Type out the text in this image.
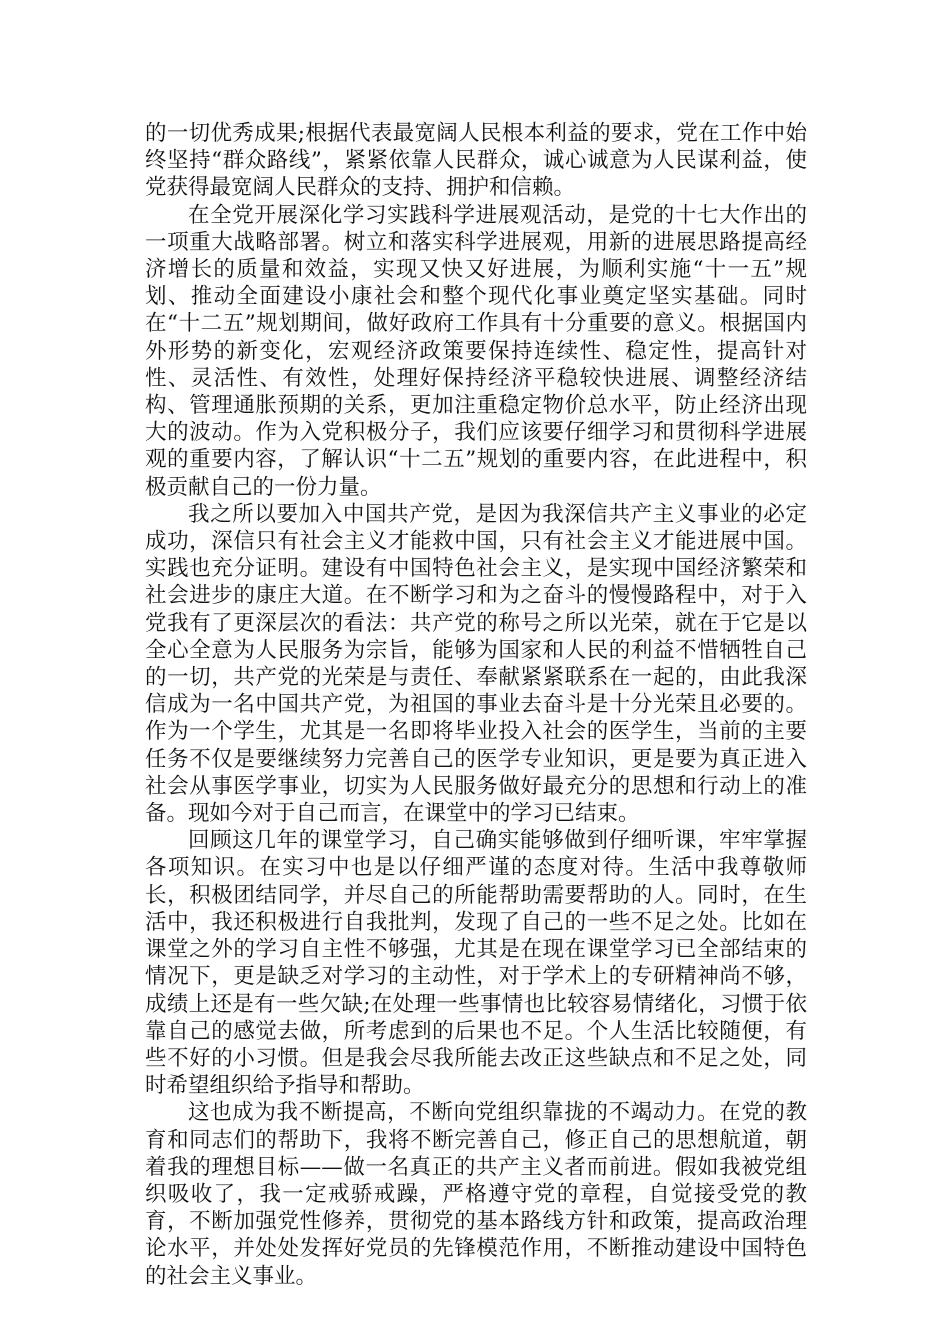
的一切优秀成果;根据代表最宽阔人民根本利益的要求，党在工作中始终坚持“群众路线”，紧紧依靠人民群众，诚心诚意为人民谋利益，使党获得最宽阔人民群众的支持、拥护和信赖。

在全党开展深化学习实践科学进展观活动，是党的十七大作出的一项重大战略部署。树立和落实科学进展观，用新的进展思路提高经济增长的质量和效益，实现又快又好进展，为顺利实施“十一五”规划、推动全面建设小康社会和整个现代化事业奠定坚实基础。同时在“十二五”规划期间，做好政府工作具有十分重要的意义。根据国内外形势的新变化，宏观经济政策要保持连续性、稳定性，提高针对性、灵活性、有效性，处理好保持经济平稳较快进展、调整经济结构、管理通胀预期的关系，更加注重稳定物价总水平，防止经济出现大的波动。作为入党积极分子，我们应该要仔细学习和贯彻科学进展观的重要内容，了解认识“十二五”规划的重要内容，在此进程中，积极贡献自己的一份力量。

我之所以要加入中国共产党，是因为我深信共产主义事业的必定成功，深信只有社会主义才能救中国，只有社会主义才能进展中国。实践也充分证明。建设有中国特色社会主义，是实现中国经济繁荣和社会进步的康庄大道。在不断学习和为之奋斗的慢慢路程中，对于入党我有了更深层次的看法：共产党的称号之所以光荣，就在于它是以全心全意为人民服务为宗旨，能够为国家和人民的利益不惜牺牲自己的一切，共产党的光荣是与责任、奉献紧紧联系在一起的，由此我深信成为一名中国共产党，为祖国的事业去奋斗是十分光荣且必要的。作为一个学生，尤其是一名即将毕业投入社会的医学生，当前的主要任务不仅是要继续努力完善自己的医学专业知识，更是要为真正进入社会从事医学事业，切实为人民服务做好最充分的思想和行动上的准备。现如今对于自己而言，在课堂中的学习已结束。

回顾这几年的课堂学习，自己确实能够做到仔细听课，牢牢掌握各项知识。在实习中也是以仔细严谨的态度对待。生活中我尊敬师长，积极团结同学，并尽自己的所能帮助需要帮助的人。同时，在生活中，我还积极进行自我批判，发现了自己的一些不足之处。比如在课堂之外的学习自主性不够强，尤其是在现在课堂学习已全部结束的情况下，更是缺乏对学习的主动性，对于学术上的专研精神尚不够，成绩上还是有一些欠缺;在处理一些事情也比较容易情绪化，习惯于依靠自己的感觉去做，所考虑到的后果也不足。个人生活比较随便，有些不好的小习惯。但是我会尽我所能去改正这些缺点和不足之处，同时希望组织给予指导和帮助。

这也成为我不断提高，不断向党组织靠拢的不竭动力。在党的教育和同志们的帮助下，我将不断完善自己，修正自己的思想航道，朝着我的理想目标——做一名真正的共产主义者而前进。假如我被党组织吸收了，我一定戒骄戒躁，严格遵守党的章程，自觉接受党的教育，不断加强党性修养，贯彻党的基本路线方针和政策，提高政治理论水平，并处处发挥好党员的先锋模范作用，不断推动建设中国特色的社会主义事业。
